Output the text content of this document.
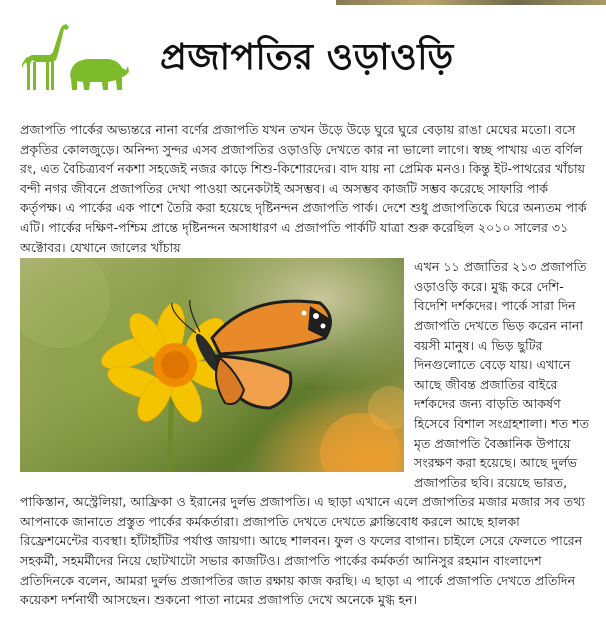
প্রজাপতির ওড়াওড়ি

প্রজাপতি পার্কের অভ্যন্তরে নানা বর্ণের প্রজাপতি যখন তখন উড়ে উড়ে ঘুরে ঘুরে বেড়ায় রাঙা মেঘের মতো। বসে প্রকৃতির কোলজুড়ে। অনিন্দ্য সুন্দর এসব প্রজাপতির ওড়াওড়ি দেখতে কার না ভালো লাগে। স্বচ্ছ পাখায় এত বর্ণিল রং, এত বৈচিত্র্যবর্ণ নকশা সহজেই নজর কাড়ে শিশু-কিশোরদের। বাদ যায় না প্রেমিক মনও। কিন্তু ইট-পাথরের খাঁচায় বন্দী নগর জীবনে প্রজাপতির দেখা পাওয়া অনেকটাই অসম্ভব। এ অসম্ভব কাজটি সম্ভব করেছে সাফারি পার্ক কর্তৃপক্ষ। এ পার্কের এক পাশে তৈরি করা হয়েছে দৃষ্টিনন্দন প্রজাপতি পার্ক। দেশে শুধু প্রজাপতিকে ঘিরে অন্যতম পার্ক এটি। পার্কের দক্ষিণ-পশ্চিম প্রান্তে দৃষ্টিনন্দন অসাধারণ এ প্রজাপতি পার্কটি যাত্রা শুরু করেছিল ২০১০ সালের ৩১ অক্টোবর। যেখানে জালের খাঁচায়

এখন ১১ প্রজাতির ২১৩ প্রজাপতি ওড়াওড়ি করে। মুগ্ধ করে দেশি-বিদেশি দর্শকদের। পার্কে সারা দিন প্রজাপতি দেখতে ভিড় করেন নানা বয়সী মানুষ। এ ভিড় ছুটির দিনগুলোতে বেড়ে যায়। এখানে আছে জীবন্ত প্রজাতির বাইরে দর্শকদের জন্য বাড়তি আকর্ষণ হিসেবে বিশাল সংগ্রহশালা। শত শত মৃত প্রজাপতি বৈজ্ঞানিক উপায়ে সংরক্ষণ করা হয়েছে। আছে দুর্লভ প্রজাপতির ছবি। রয়েছে ভারত, পাকিস্তান, অস্ট্রেলিয়া, আফ্রিকা ও ইরানের দুর্লভ প্রজাপতি। এ ছাড়া এখানে এলে প্রজাপতির মজার মজার সব তথ্য আপনাকে জানাতে প্রস্তুত পার্কের কর্মকর্তারা। প্রজাপতি দেখতে দেখতে ক্লান্তিবোধ করলে আছে হালকা রিফ্রেশমেন্টের ব্যবস্থা। হাঁটাহাঁটির পর্যাপ্ত জায়গা। আছে শালবন। ফুল ও ফলের বাগান। চাইলে সেরে ফেলতে পারেন সহকর্মী, সহমর্মীদের নিয়ে ছোটখাটো সভার কাজটিও। প্রজাপতি পার্কের কর্মকর্তা আনিসুর রহমান বাংলাদেশ প্রতিদিনকে বলেন, আমরা দুর্লভ প্রজাপতির জাত রক্ষায় কাজ করছি। এ ছাড়া এ পার্কে প্রজাপতি দেখতে প্রতিদিন কয়েকশ দর্শনার্থী আসছেন। শুকনো পাতা নামের প্রজাপতি দেখে অনেকে মুগ্ধ হন।
